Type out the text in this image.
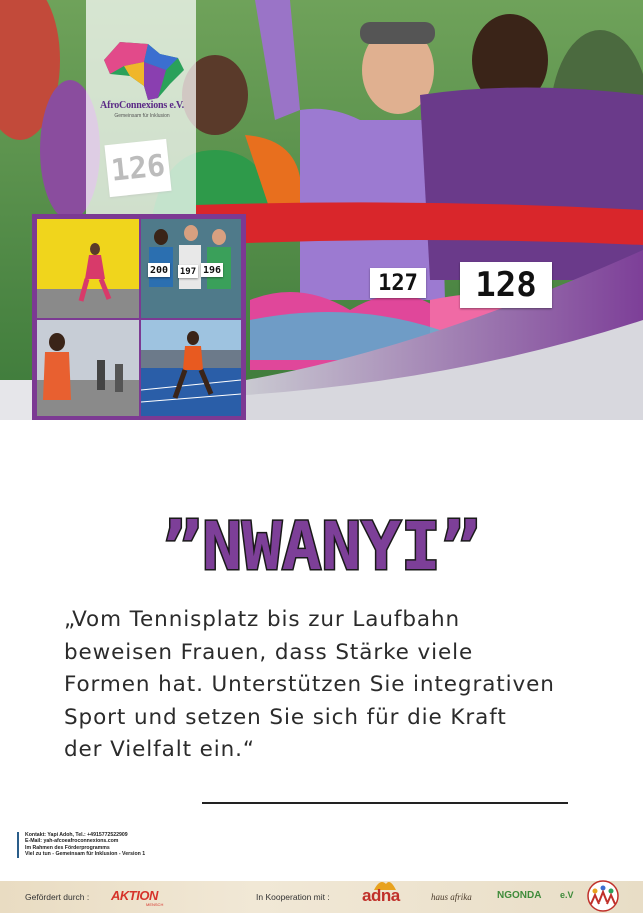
127	128
AfroConnexions e.V.
Gemeinsam für Inklusion
200 197 196
”NWANYI”
„Vom Tennisplatz bis zur Laufbahn
beweisen Frauen, dass Stärke viele
Formen hat. Unterstützen Sie integrativen
Sport und setzen Sie sich für die Kraft
der Vielfalt ein.“
Kontakt: Yapi Adoh, Tel.: +4915772522909
E-Mail: yah-afcoeafroconnexions.com
Im Rahmen des Förderprogramms
Viel zu tun - Gemeinsam für Inklusion - Version 1
Gefördert durch : AKTION
MENSCH
In Kooperation mit : adna	haus afrika	NGONDA e.V
